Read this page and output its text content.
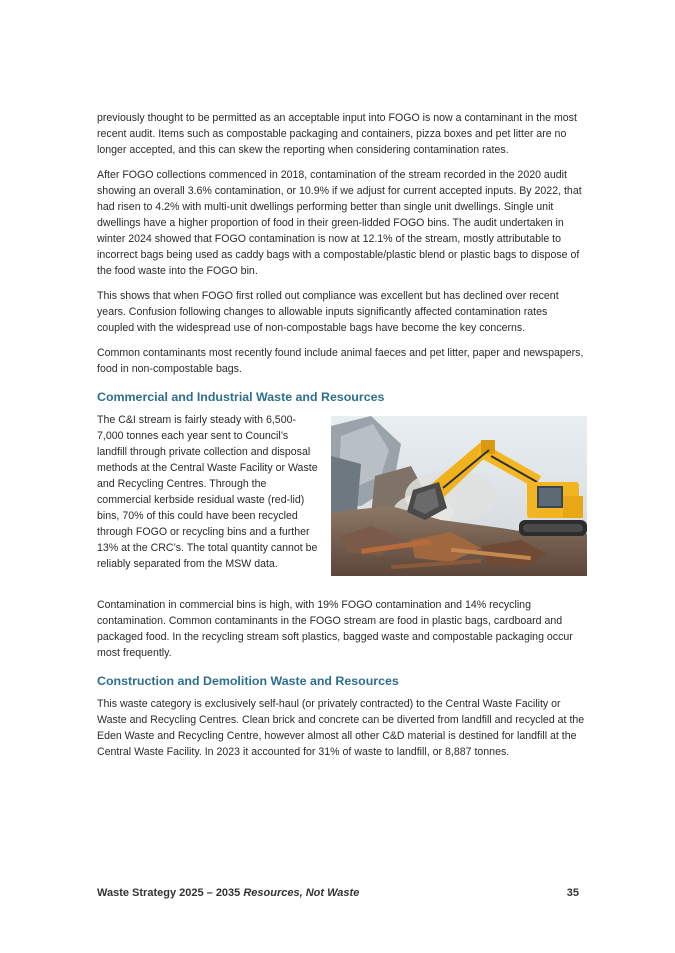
previously thought to be permitted as an acceptable input into FOGO is now a contaminant in the most recent audit. Items such as compostable packaging and containers, pizza boxes and pet litter are no longer accepted, and this can skew the reporting when considering contamination rates.

After FOGO collections commenced in 2018, contamination of the stream recorded in the 2020 audit showing an overall 3.6% contamination, or 10.9% if we adjust for current accepted inputs. By 2022, that had risen to 4.2% with multi-unit dwellings performing better than single unit dwellings. Single unit dwellings have a higher proportion of food in their green-lidded FOGO bins. The audit undertaken in winter 2024 showed that FOGO contamination is now at 12.1% of the stream, mostly attributable to incorrect bags being used as caddy bags with a compostable/plastic blend or plastic bags to dispose of the food waste into the FOGO bin.

This shows that when FOGO first rolled out compliance was excellent but has declined over recent years. Confusion following changes to allowable inputs significantly affected contamination rates coupled with the widespread use of non-compostable bags have become the key concerns.

Common contaminants most recently found include animal faeces and pet litter, paper and newspapers, food in non-compostable bags.

Commercial and Industrial Waste and Resources

The C&I stream is fairly steady with 6,500-7,000 tonnes each year sent to Council’s landfill through private collection and disposal methods at the Central Waste Facility or Waste and Recycling Centres. Through the commercial kerbside residual waste (red-lid) bins, 70% of this could have been recycled through FOGO or recycling bins and a further 13% at the CRC’s. The total quantity cannot be reliably separated from the MSW data.

Contamination in commercial bins is high, with 19% FOGO contamination and 14% recycling contamination. Common contaminants in the FOGO stream are food in plastic bags, cardboard and packaged food. In the recycling stream soft plastics, bagged waste and compostable packaging occur most frequently.

Construction and Demolition Waste and Resources

This waste category is exclusively self-haul (or privately contracted) to the Central Waste Facility or Waste and Recycling Centres. Clean brick and concrete can be diverted from landfill and recycled at the Eden Waste and Recycling Centre, however almost all other C&D material is destined for landfill at the Central Waste Facility. In 2023 it accounted for 31% of waste to landfill, or 8,887 tonnes.

Waste Strategy 2025 – 2035 Resources, Not Waste	35
